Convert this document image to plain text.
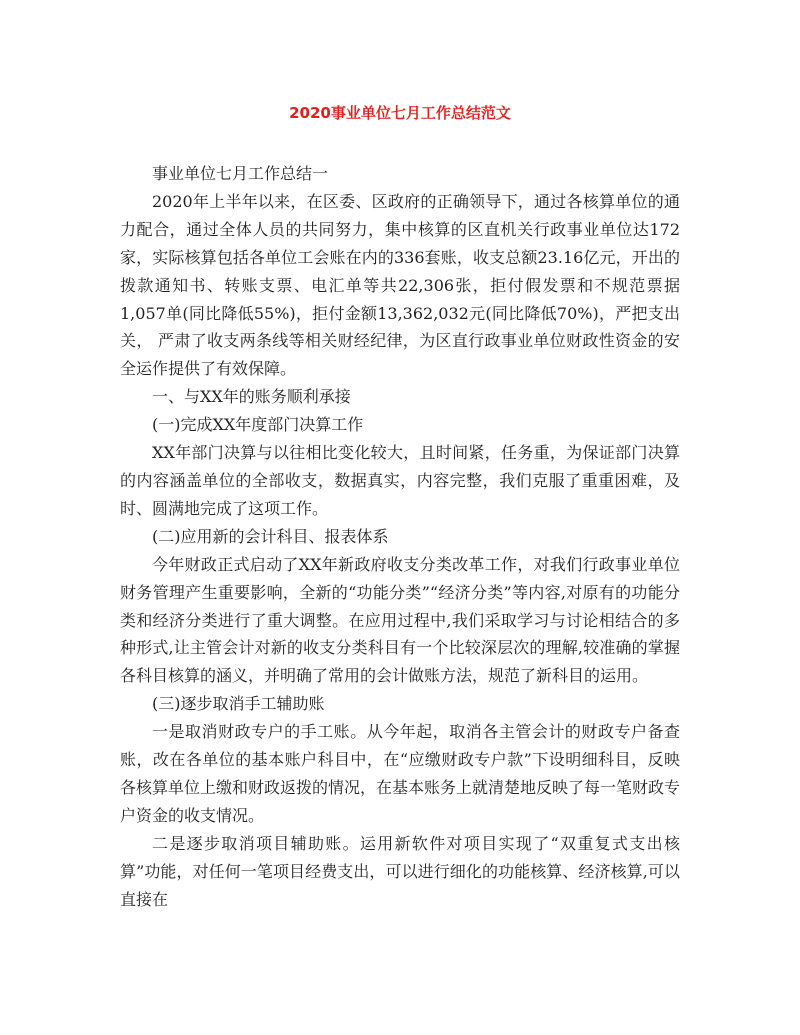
2020事业单位七月工作总结范文

事业单位七月工作总结一

2020年上半年以来，在区委、区政府的正确领导下，通过各核算单位的通力配合，通过全体人员的共同努力，集中核算的区直机关行政事业单位达172家，实际核算包括各单位工会账在内的336套账，收支总额23.16亿元，开出的拨款通知书、转账支票、电汇单等共22,306张，拒付假发票和不规范票据1,057单(同比降低55%)，拒付金额13,362,032元(同比降低70%)，严把支出关， 严肃了收支两条线等相关财经纪律，为区直行政事业单位财政性资金的安全运作提供了有效保障。

一、与XX年的账务顺利承接

(一)完成XX年度部门决算工作

XX年部门决算与以往相比变化较大，且时间紧，任务重，为保证部门决算的内容涵盖单位的全部收支，数据真实，内容完整，我们克服了重重困难，及时、圆满地完成了这项工作。

(二)应用新的会计科目、报表体系

今年财政正式启动了XX年新政府收支分类改革工作，对我们行政事业单位财务管理产生重要影响，全新的“功能分类”“经济分类”等内容,对原有的功能分类和经济分类进行了重大调整。在应用过程中,我们采取学习与讨论相结合的多种形式,让主管会计对新的收支分类科目有一个比较深层次的理解,较准确的掌握各科目核算的涵义，并明确了常用的会计做账方法，规范了新科目的运用。

(三)逐步取消手工辅助账

一是取消财政专户的手工账。从今年起，取消各主管会计的财政专户备查账，改在各单位的基本账户科目中，在“应缴财政专户款”下设明细科目，反映各核算单位上缴和财政返拨的情况，在基本账务上就清楚地反映了每一笔财政专户资金的收支情况。

二是逐步取消项目辅助账。运用新软件对项目实现了“双重复式支出核算”功能，对任何一笔项目经费支出，可以进行细化的功能核算、经济核算,可以直接在
